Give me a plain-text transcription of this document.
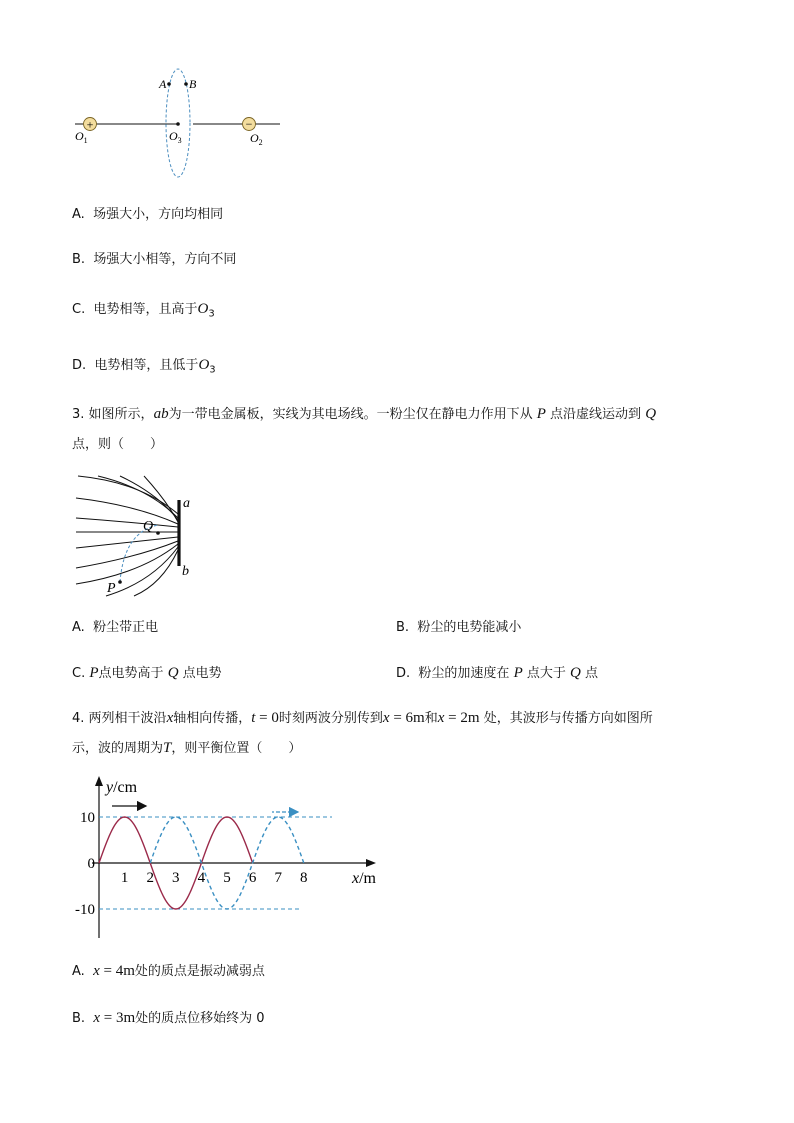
+	−
A B
$O_1$	$O_3$	$O_2$
A. 场强大小，方向均相同
B. 场强大小相等，方向不同
C. 电势相等，且高于$O_3$
D. 电势相等，且低于$O_3$
3. 如图所示，ab为一带电金属板，实线为其电场线。一粉尘仅在静电力作用下从 P 点沿虚线运动到 Q
点，则（　　）
a
b
Q
P
A. 粉尘带正电	B. 粉尘的电势能减小
C. P点电势高于 Q 点电势	D. 粉尘的加速度在 P 点大于 Q 点
4. 两列相干波沿x轴相向传播，t = 0时刻两波分别传到x = 6m和x = 2m 处，其波形与传播方向如图所
示，波的周期为T，则平衡位置（　　）
1 2 3 4 5 6 7 8
10
0
-10
y/cm
x/m
A. x = 4m处的质点是振动减弱点
B. x = 3m处的质点位移始终为 0
